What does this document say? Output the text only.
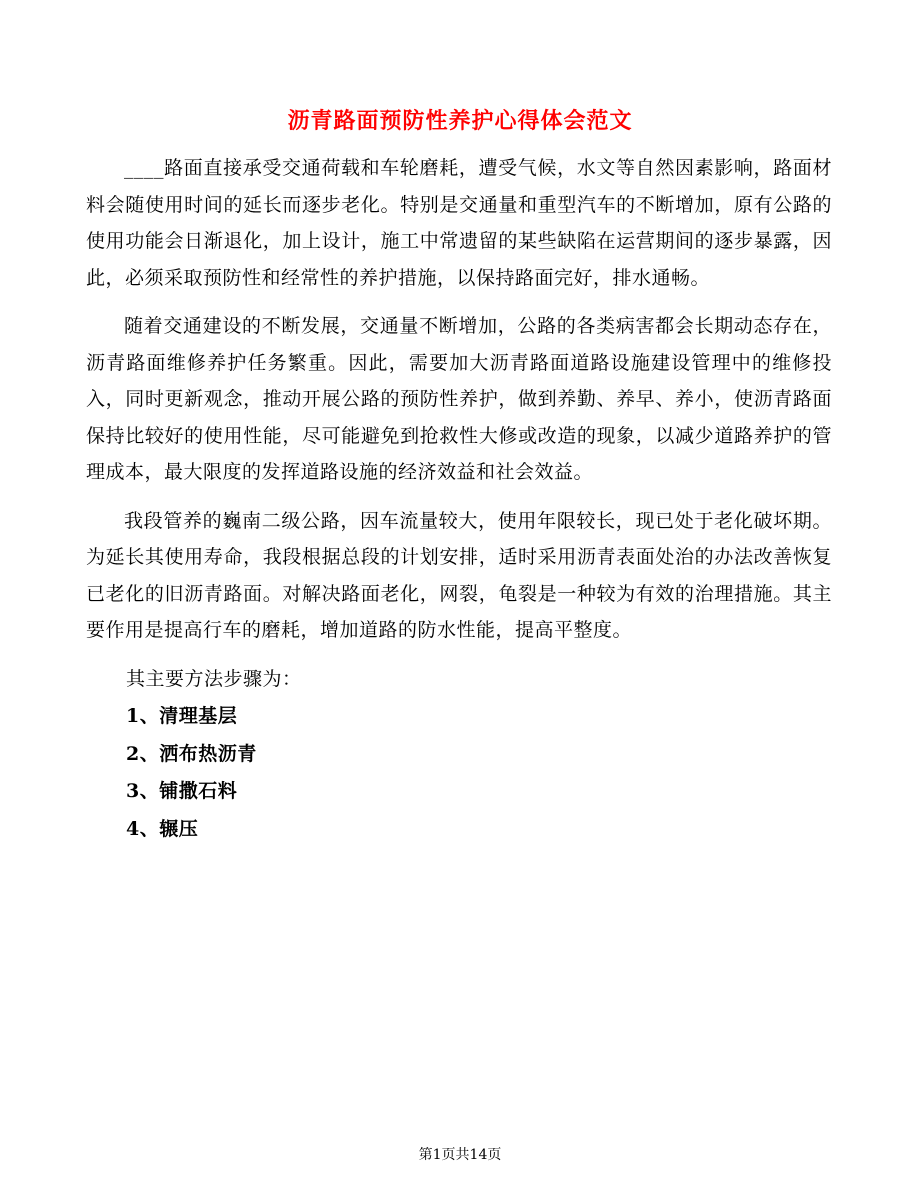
沥青路面预防性养护心得体会范文

____路面直接承受交通荷载和车轮磨耗，遭受气候，水文等自然因素影响，路面材料会随使用时间的延长而逐步老化。特别是交通量和重型汽车的不断增加，原有公路的使用功能会日渐退化，加上设计，施工中常遗留的某些缺陷在运营期间的逐步暴露，因此，必须采取预防性和经常性的养护措施，以保持路面完好，排水通畅。

随着交通建设的不断发展，交通量不断增加，公路的各类病害都会长期动态存在，沥青路面维修养护任务繁重。因此，需要加大沥青路面道路设施建设管理中的维修投入，同时更新观念，推动开展公路的预防性养护，做到养勤、养早、养小，使沥青路面保持比较好的使用性能，尽可能避免到抢救性大修或改造的现象，以减少道路养护的管理成本，最大限度的发挥道路设施的经济效益和社会效益。

我段管养的巍南二级公路，因车流量较大，使用年限较长，现已处于老化破坏期。为延长其使用寿命，我段根据总段的计划安排，适时采用沥青表面处治的办法改善恢复已老化的旧沥青路面。对解决路面老化，网裂，龟裂是一种较为有效的治理措施。其主要作用是提高行车的磨耗，增加道路的防水性能，提高平整度。

其主要方法步骤为：
1、清理基层
2、洒布热沥青
3、铺撒石料
4、辗压
第1页共14页
